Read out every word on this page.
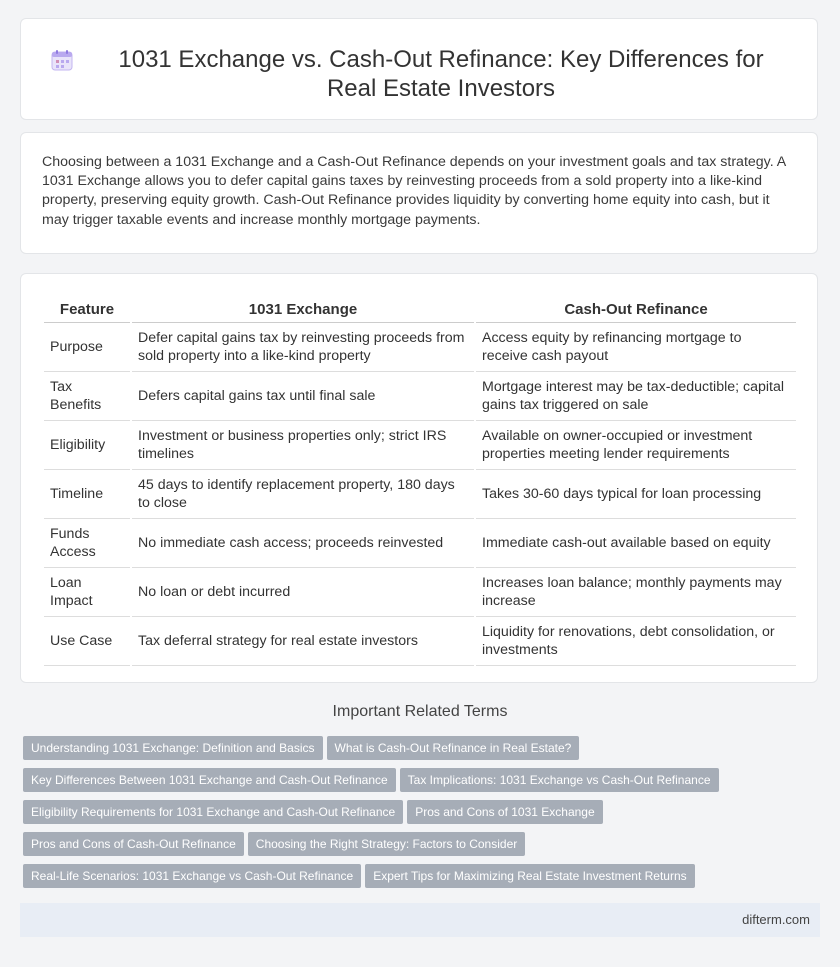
1031 Exchange vs. Cash-Out Refinance: Key Differences for Real Estate Investors

Choosing between a 1031 Exchange and a Cash-Out Refinance depends on your investment goals and tax strategy. A 1031 Exchange allows you to defer capital gains taxes by reinvesting proceeds from a sold property into a like-kind property, preserving equity growth. Cash-Out Refinance provides liquidity by converting home equity into cash, but it may trigger taxable events and increase monthly mortgage payments.

Feature	1031 Exchange	Cash-Out Refinance
Purpose	Defer capital gains tax by reinvesting proceeds from sold property into a like-kind property	Access equity by refinancing mortgage to receive cash payout
Tax Benefits	Defers capital gains tax until final sale	Mortgage interest may be tax-deductible; capital gains tax triggered on sale
Eligibility	Investment or business properties only; strict IRS timelines	Available on owner-occupied or investment properties meeting lender requirements
Timeline	45 days to identify replacement property, 180 days to close	Takes 30-60 days typical for loan processing
Funds Access	No immediate cash access; proceeds reinvested	Immediate cash-out available based on equity
Loan Impact	No loan or debt incurred	Increases loan balance; monthly payments may increase
Use Case	Tax deferral strategy for real estate investors	Liquidity for renovations, debt consolidation, or investments
Important Related Terms
Understanding 1031 Exchange: Definition and Basics What is Cash-Out Refinance in Real Estate?
Key Differences Between 1031 Exchange and Cash-Out Refinance Tax Implications: 1031 Exchange vs Cash-Out Refinance
Eligibility Requirements for 1031 Exchange and Cash-Out Refinance Pros and Cons of 1031 Exchange
Pros and Cons of Cash-Out Refinance Choosing the Right Strategy: Factors to Consider
Real-Life Scenarios: 1031 Exchange vs Cash-Out Refinance Expert Tips for Maximizing Real Estate Investment Returns
difterm.com
